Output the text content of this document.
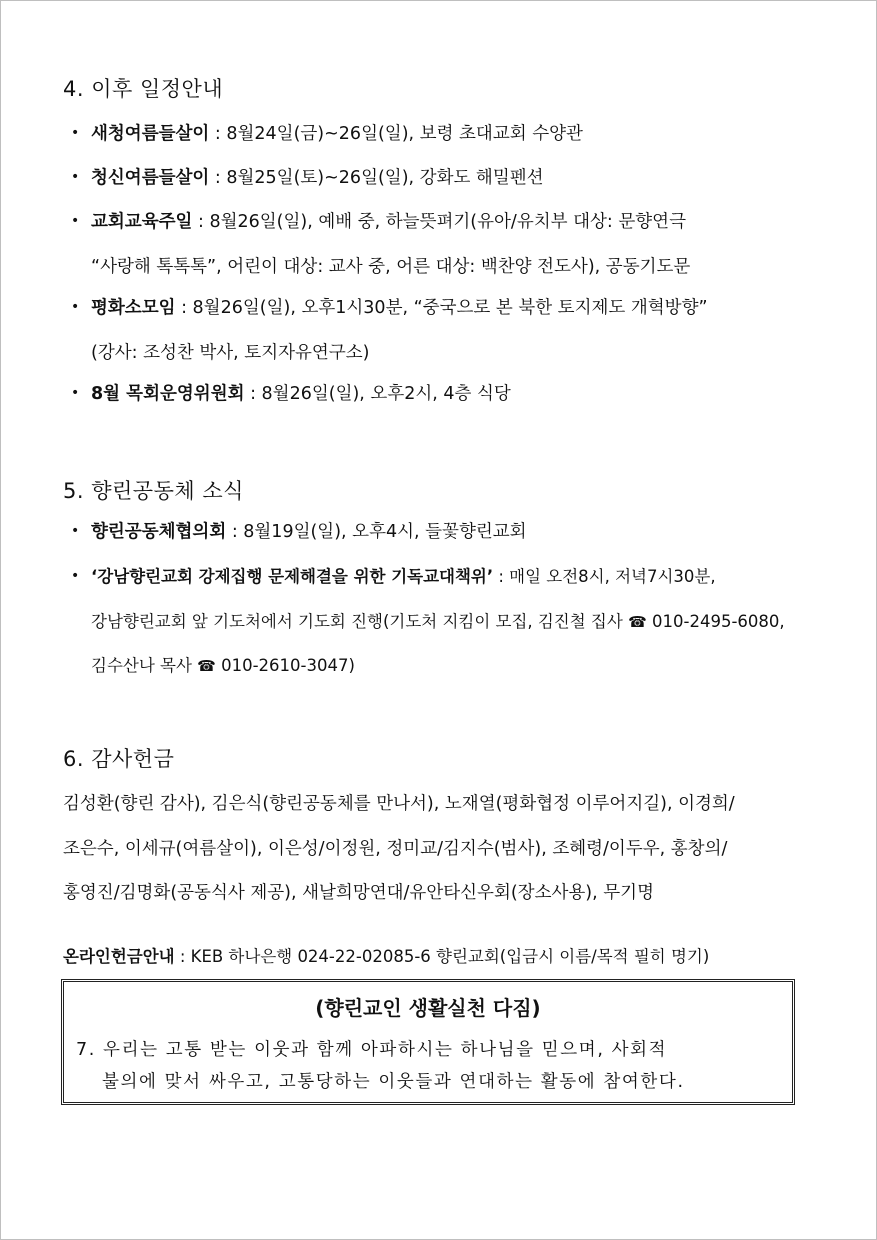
4. 이후 일정안내
• 새청여름들살이 : 8월24일(금)~26일(일), 보령 초대교회 수양관
• 청신여름들살이 : 8월25일(토)~26일(일), 강화도 해밀펜션
• 교회교육주일 : 8월26일(일), 예배 중, 하늘뜻펴기(유아/유치부 대상: 문향연극
“사랑해 톡톡톡”, 어린이 대상: 교사 중, 어른 대상: 백찬양 전도사), 공동기도문
• 평화소모임 : 8월26일(일), 오후1시30분, “중국으로 본 북한 토지제도 개혁방향”
(강사: 조성찬 박사, 토지자유연구소)
• 8월 목회운영위원회 : 8월26일(일), 오후2시, 4층 식당
5. 향린공동체 소식
• 향린공동체협의회 : 8월19일(일), 오후4시, 들꽃향린교회
• ‘강남향린교회 강제집행 문제해결을 위한 기독교대책위’ : 매일 오전8시, 저녁7시30분,
강남향린교회 앞 기도처에서 기도회 진행(기도처 지킴이 모집, 김진철 집사 ☎ 010-2495-6080,
김수산나 목사 ☎ 010-2610-3047)
6. 감사헌금
김성환(향린 감사), 김은식(향린공동체를 만나서), 노재열(평화협정 이루어지길), 이경희/
조은수, 이세규(여름살이), 이은성/이정원, 정미교/김지수(범사), 조혜령/이두우, 홍창의/
홍영진/김명화(공동식사 제공), 새날희망연대/유안타신우회(장소사용), 무기명
온라인헌금안내 : KEB 하나은행 024-22-02085-6 향린교회(입금시 이름/목적 필히 명기)
(향린교인 생활실천 다짐)
7. 우리는 고통 받는 이웃과 함께 아파하시는 하나님을 믿으며, 사회적
불의에 맞서 싸우고, 고통당하는 이웃들과 연대하는 활동에 참여한다.
